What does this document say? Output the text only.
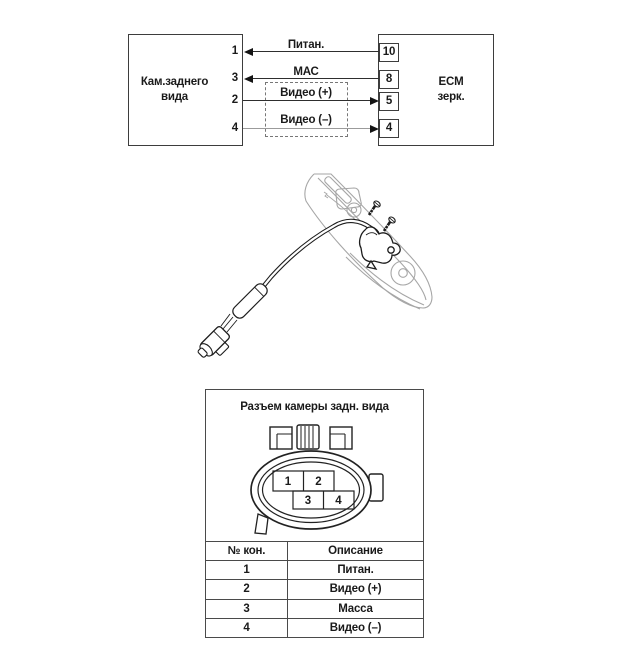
Кам.заднего
вида
1
3
2
4
ECM
зерк.
10
8
5
4
Питан.
МАС
Видео (+)
Видео (–)
Разъем камеры задн. вида
1 2
3 4
№ кон.	Описание
1	Питан.
2	Видео (+)
3	Масса
4	Видео (–)
